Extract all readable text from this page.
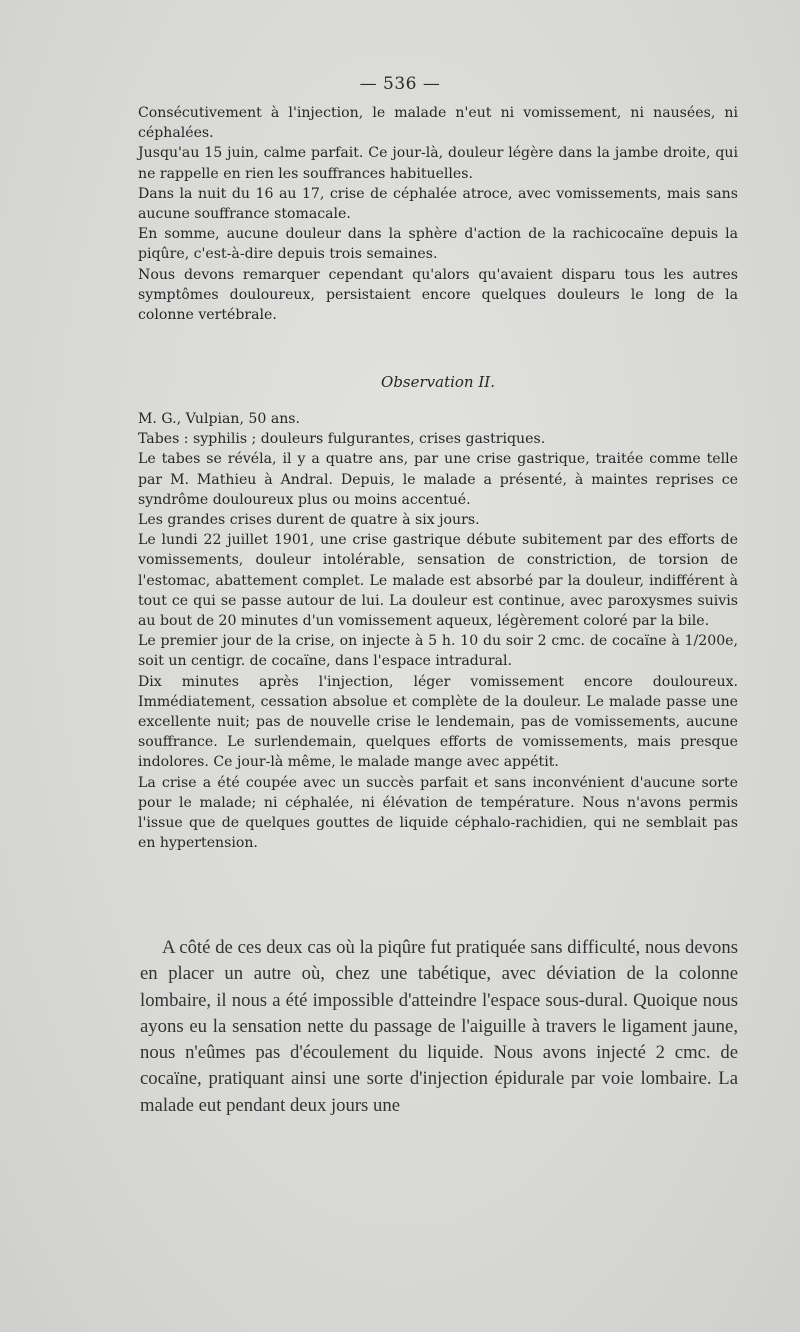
— 536 —

Consécutivement à l'injection, le malade n'eut ni vomissement, ni nausées, ni céphalées.

Jusqu'au 15 juin, calme parfait. Ce jour-là, douleur légère dans la jambe droite, qui ne rappelle en rien les souffrances habituelles.

Dans la nuit du 16 au 17, crise de céphalée atroce, avec vomissements, mais sans aucune souffrance stomacale.

En somme, aucune douleur dans la sphère d'action de la rachicocaïne depuis la piqûre, c'est-à-dire depuis trois semaines.

Nous devons remarquer cependant qu'alors qu'avaient disparu tous les autres symptômes douloureux, persistaient encore quelques douleurs le long de la colonne vertébrale.

Observation II.

M. G., Vulpian, 50 ans.

Tabes : syphilis ; douleurs fulgurantes, crises gastriques.

Le tabes se révéla, il y a quatre ans, par une crise gastrique, traitée comme telle par M. Mathieu à Andral. Depuis, le malade a présenté, à maintes reprises ce syndrôme douloureux plus ou moins accentué.

Les grandes crises durent de quatre à six jours.

Le lundi 22 juillet 1901, une crise gastrique débute subitement par des efforts de vomissements, douleur intolérable, sensation de constriction, de torsion de l'estomac, abattement complet. Le malade est absorbé par la douleur, indifférent à tout ce qui se passe autour de lui. La douleur est continue, avec paroxysmes suivis au bout de 20 minutes d'un vomissement aqueux, légèrement coloré par la bile.

Le premier jour de la crise, on injecte à 5 h. 10 du soir 2 cmc. de cocaïne à 1/200e, soit un centigr. de cocaïne, dans l'espace intradural.

Dix minutes après l'injection, léger vomissement encore douloureux. Immédiatement, cessation absolue et complète de la douleur. Le malade passe une excellente nuit; pas de nouvelle crise le lendemain, pas de vomissements, aucune souffrance. Le surlendemain, quelques efforts de vomissements, mais presque indolores. Ce jour-là même, le malade mange avec appétit.

La crise a été coupée avec un succès parfait et sans inconvénient d'aucune sorte pour le malade; ni céphalée, ni élévation de température. Nous n'avons permis l'issue que de quelques gouttes de liquide céphalo-rachidien, qui ne semblait pas en hypertension.

A côté de ces deux cas où la piqûre fut pratiquée sans difficulté, nous devons en placer un autre où, chez une tabétique, avec déviation de la colonne lombaire, il nous a été impossible d'atteindre l'espace sous-dural. Quoique nous ayons eu la sensation nette du passage de l'aiguille à travers le ligament jaune, nous n'eûmes pas d'écoulement du liquide. Nous avons injecté 2 cmc. de cocaïne, pratiquant ainsi une sorte d'injection épidurale par voie lombaire. La malade eut pendant deux jours une
